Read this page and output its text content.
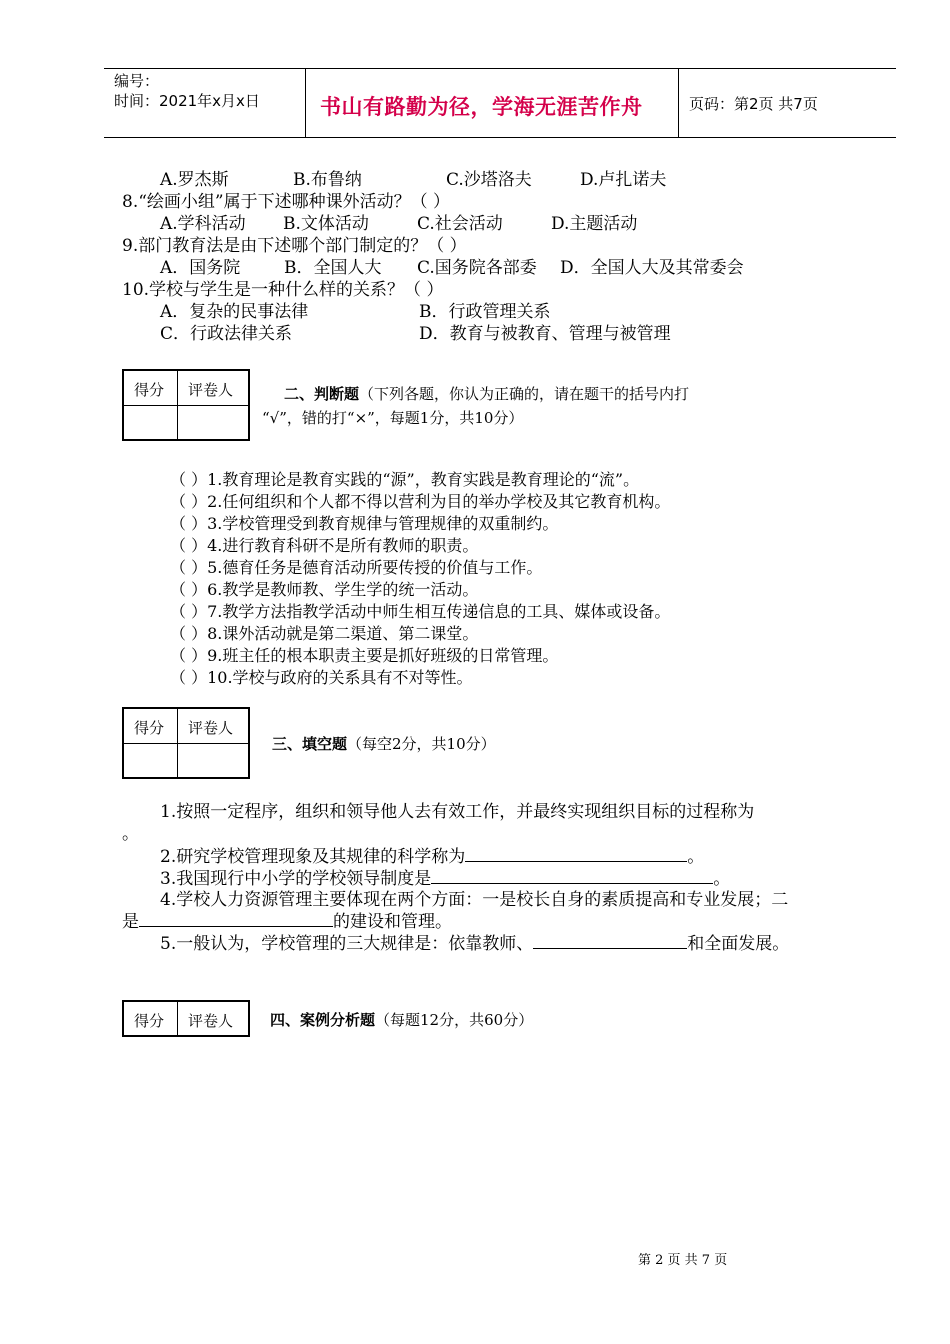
编号：
时间：2021年x月x日	书山有路勤为径，学海无涯苦作舟	页码：第2页 共7页
A.罗杰斯	B.布鲁纳	C.沙塔洛夫	D.卢扎诺夫
8.“绘画小组”属于下述哪种课外活动？（ ）
A.学科活动 B.文体活动	C.社会活动	D.主题活动
9.部门教育法是由下述哪个部门制定的？（ ）
A．国务院	B．全国人大 C.国务院各部委 D．全国人大及其常委会
10.学校与学生是一种什么样的关系？（ ）
A．复杂的民事法律	B．行政管理关系
C．行政法律关系	D．教育与被教育、管理与被管理
得分 评卷人	二、判断题（下列各题，你认为正确的，请在题干的括号内打
“√”，错的打“×”，每题1分，共10分）
（ ）1.教育理论是教育实践的“源”，教育实践是教育理论的“流”。
（ ）2.任何组织和个人都不得以营利为目的举办学校及其它教育机构。
（ ）3.学校管理受到教育规律与管理规律的双重制约。
（ ）4.进行教育科研不是所有教师的职责。
（ ）5.德育任务是德育活动所要传授的价值与工作。
（ ）6.教学是教师教、学生学的统一活动。
（ ）7.教学方法指教学活动中师生相互传递信息的工具、媒体或设备。
（ ）8.课外活动就是第二渠道、第二课堂。
（ ）9.班主任的根本职责主要是抓好班级的日常管理。
（ ）10.学校与政府的关系具有不对等性。
得分 评卷人
三、填空题（每空2分，共10分）
1.按照一定程序，组织和领导他人去有效工作，并最终实现组织目标的过程称为
。
2.研究学校管理现象及其规律的科学称为	。
3.我国现行中小学的学校领导制度是	。
4.学校人力资源管理主要体现在两个方面：一是校长自身的素质提高和专业发展；二
是	的建设和管理。
5.一般认为，学校管理的三大规律是：依靠教师、	和全面发展。
得分 评卷人 四、案例分析题（每题12分，共60分）
第 2 页 共 7 页
